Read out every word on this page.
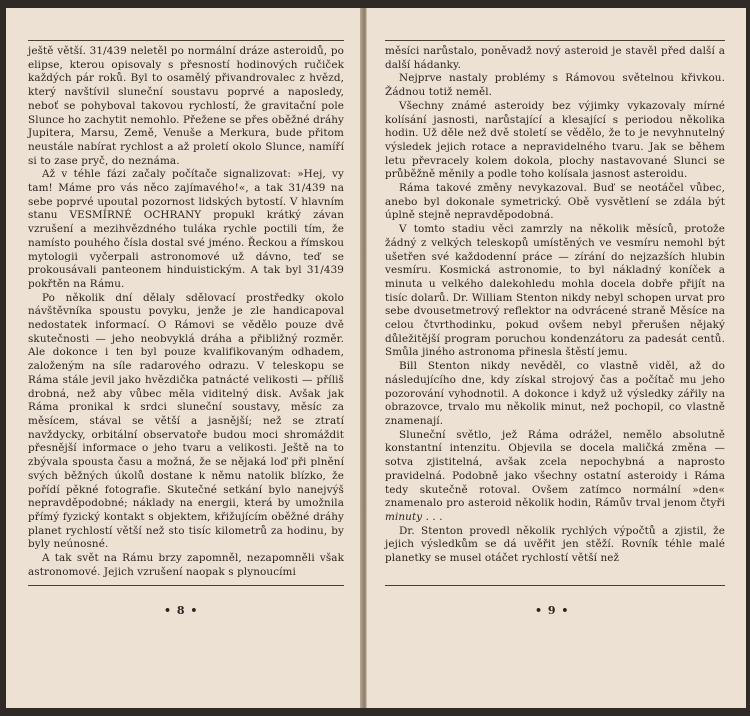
ještě větší. 31/439 neletěl po normální dráze asteroidů, po elipse, kterou opisovaly s přesností hodinových ručiček každých pár roků. Byl to osamělý přivandrovalec z hvězd, který navštívil sluneční soustavu poprvé a naposledy, neboť se pohyboval takovou rychlostí, že gravitační pole Slunce ho zachytit nemohlo. Přežene se přes oběžné dráhy Jupitera, Marsu, Země, Venuše a Merkura, bude přitom neustále nabírat rychlost a až proletí okolo Slunce, namíří si to zase pryč, do neznáma.

Až v téhle fázi začaly počítače signalizovat: »Hej, vy tam! Máme pro vás něco zajímavého!«, a tak 31/439 na sebe poprvé upoutal pozornost lidských bytostí. V hlavním stanu VESMÍRNÉ OCHRANY propukl krátký závan vzrušení a mezihvězdného tuláka rychle poctili tím, že namísto pouhého čísla dostal své jméno. Řeckou a římskou mytologii vyčerpali astronomové už dávno, teď se prokousávali panteonem hinduistickým. A tak byl 31/439 pokřtěn na Rámu.

Po několik dní dělaly sdělovací prostředky okolo návštěvníka spoustu povyku, jenže je zle handicapoval nedostatek informací. O Rámovi se vědělo pouze dvě skutečnosti — jeho neobvyklá dráha a přibližný rozměr. Ale dokonce i ten byl pouze kvalifikovaným odhadem, založeným na síle radarového odrazu. V teleskopu se Ráma stále jevil jako hvězdička patnácté velikosti — příliš drobná, než aby vůbec měla viditelný disk. Avšak jak Ráma pronikal k srdci sluneční soustavy, měsíc za měsícem, stával se větší a jasnější; než se ztratí navždycky, orbitální observatoře budou moci shromáždit přesnější informace o jeho tvaru a velikosti. Ještě na to zbývala spousta času a možná, že se nějaká loď při plnění svých běžných úkolů dostane k němu natolik blízko, že pořídí pěkné fotografie. Skutečné setkání bylo nanejvýš nepravděpodobné; náklady na energii, která by umožnila přímý fyzický kontakt s objektem, křižujícím oběžné dráhy planet rychlostí větší než sto tisíc kilometrů za hodinu, by byly neúnosné.

A tak svět na Rámu brzy zapomněl, nezapomněli však astronomové. Jejich vzrušení naopak s plynoucími

• 8 •

měsíci narůstalo, poněvadž nový asteroid je stavěl před další a další hádanky.

Nejprve nastaly problémy s Rámovou světelnou křivkou. Žádnou totiž neměl.

Všechny známé asteroidy bez výjimky vykazovaly mírné kolísání jasnosti, narůstající a klesající s periodou několika hodin. Už děle než dvě století se vědělo, že to je nevyhnutelný výsledek jejich rotace a nepravidelného tvaru. Jak se během letu převracely kolem dokola, plochy nastavované Slunci se průběžně měnily a podle toho kolísala jasnost asteroidu.

Ráma takové změny nevykazoval. Buď se neotáčel vůbec, anebo byl dokonale symetrický. Obě vysvětlení se zdála být úplně stejně nepravděpodobná.

V tomto stadiu věci zamrzly na několik měsíců, protože žádný z velkých teleskopů umístěných ve vesmíru nemohl být ušetřen své každodenní práce — zírání do nejzazších hlubin vesmíru. Kosmická astronomie, to byl nákladný koníček a minuta u velkého dalekohledu mohla docela dobře přijít na tisíc dolarů. Dr. William Stenton nikdy nebyl schopen urvat pro sebe dvousetmetrový reflektor na odvrácené straně Měsíce na celou čtvrthodinku, pokud ovšem nebyl přerušen nějaký důležitější program poruchou kondenzátoru za padesát centů. Smůla jiného astronoma přinesla štěstí jemu.

Bill Stenton nikdy nevěděl, co vlastně viděl, až do následujícího dne, kdy získal strojový čas a počítač mu jeho pozorování vyhodnotil. A dokonce i když už výsledky zářily na obrazovce, trvalo mu několik minut, než pochopil, co vlastně znamenají.

Sluneční světlo, jež Ráma odrážel, nemělo absolutně konstantní intenzitu. Objevila se docela maličká změna — sotva zjistitelná, avšak zcela nepochybná a naprosto pravidelná. Podobně jako všechny ostatní asteroidy i Ráma tedy skutečně rotoval. Ovšem zatímco normální »den« znamenalo pro asteroid několik hodin, Rámův trval jenom čtyři minuty . . .

Dr. Stenton provedl několik rychlých výpočtů a zjistil, že jejich výsledkům se dá uvěřit jen stěží. Rovník téhle malé planetky se musel otáčet rychlostí větší než

• 9 •
